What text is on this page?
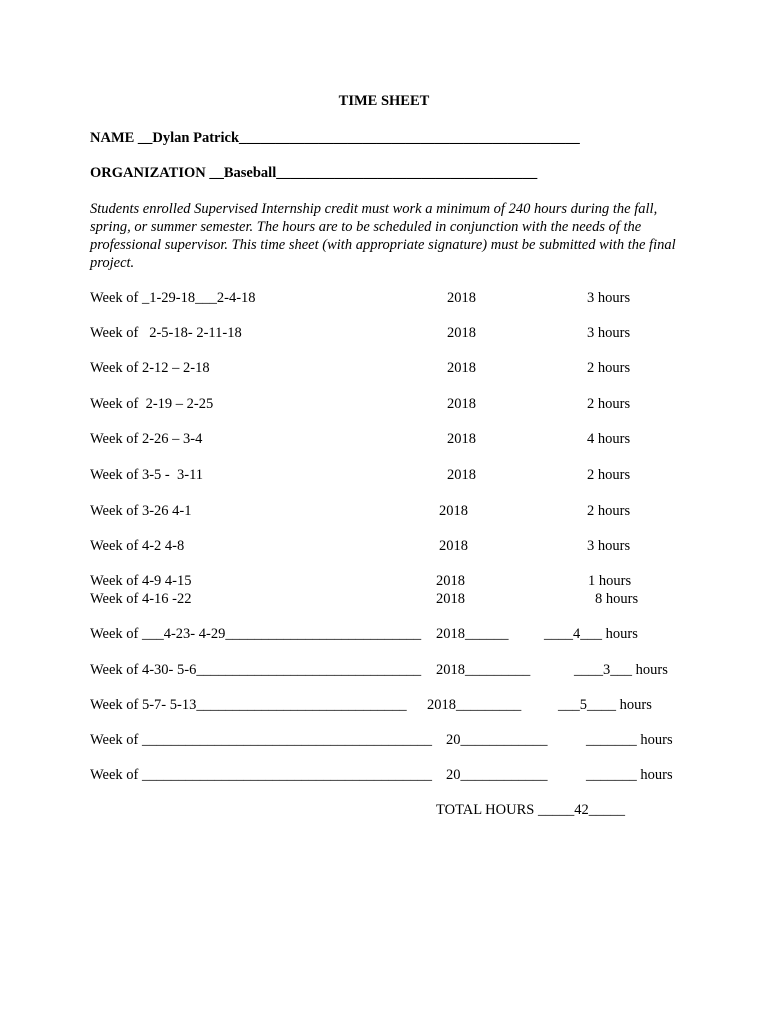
TIME SHEET
NAME __Dylan Patrick_______________________________________________
ORGANIZATION __Baseball____________________________________
Students enrolled Supervised Internship credit must work a minimum of 240 hours during the fall, spring, or summer semester. The hours are to be scheduled in conjunction with the needs of the professional supervisor. This time sheet (with appropriate signature) must be submitted with the final project.
Week of _1-29-18___2-4-18	2018	3 hours
Week of   2-5-18- 2-11-18	2018	3 hours
Week of 2-12 – 2-18	2018	2 hours
Week of  2-19 – 2-25	2018	2 hours
Week of 2-26 – 3-4	2018	4 hours
Week of 3-5 -  3-11	2018	2 hours
Week of 3-26 4-1	2018	2 hours
Week of 4-2 4-8	2018	3 hours
Week of 4-9 4-15	2018	1 hours
Week of 4-16 -22	2018	8 hours
Week of ___4-23- 4-29___________________________ 2018______ ____4___ hours
Week of 4-30- 5-6_______________________________ 2018_________	____3___ hours
Week of 5-7- 5-13_____________________________ 2018_________	___5____ hours
Week of ________________________________________ 20____________	_______ hours
Week of ________________________________________ 20____________	_______ hours
TOTAL HOURS _____42_____
